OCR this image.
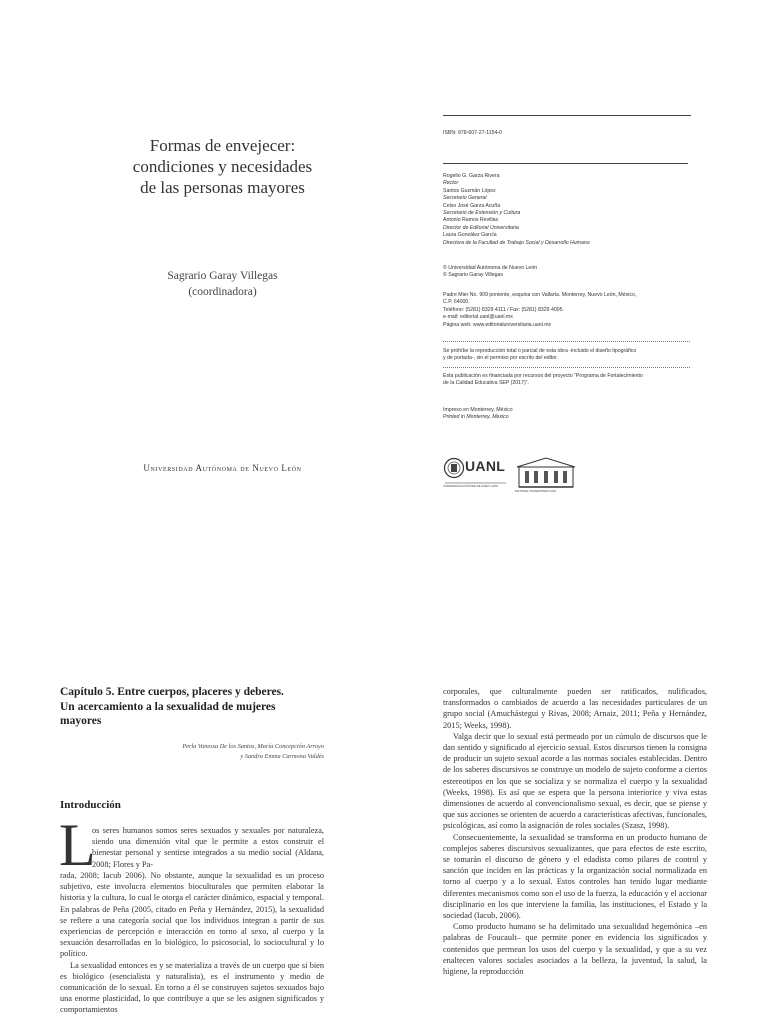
Formas de envejecer:
condiciones y necesidades
de las personas mayores
Sagrario Garay Villegas
(coordinadora)
Universidad Autónoma de Nuevo León
ISBN: 978-607-27-1154-0
Rogelio G. Garza Rivera
Rector
Santos Guzmán López
Secretario General
Celso José Garza Acuña
Secretario de Extensión y Cultura
Antonio Ramos Revillas
Director de Editorial Universitaria
Laura González García
Directora de la Facultad de Trabajo Social y Desarrollo Humano
© Universidad Autónoma de Nuevo León
© Sagrario Garay Villegas
Padre Mier No. 909 poniente, esquina con Vallarta. Monterrey, Nuevo León, México,
C.P. 64000.
Teléfono: (5281) 8329 4111 / Fax: (5281) 8329 4095.
e-mail: editorial.uanl@uanl.mx
Página web: www.editorialuniversitaria.uanl.mx
Se prohíbe la reproducción total o parcial de esta obra -incluido el diseño tipográfico
y de portada-, sin el permiso por escrito del editor.
Esta publicación es financiada por recursos del proyecto “Programa de Fortalecimiento
de la Calidad Educativa SEP (2017)”.
Impreso en Monterrey, México
Printed in Monterrey, Mexico
UANL
UNIVERSIDAD AUTÓNOMA DE NUEVO LEÓN
EDITORIAL UNIVERSITARIA UANL
Capítulo 5. Entre cuerpos, placeres y deberes.
Un acercamiento a la sexualidad de mujeres
mayores
Perla Vanessa De los Santos, María Concepción Arroyo
y Sandra Emma Carmona Valdés
Introducción
L

os seres humanos somos seres sexuados y sexuales por naturaleza, siendo una dimensión vital que le permite a estos construir el bienestar personal y sentirse integrados a su medio social (Aldana, 2008; Flores y Pa-

rada, 2008; Iacub 2006). No obstante, aunque la sexualidad es un proceso subjetivo, este involucra elementos bioculturales que permiten elaborar la historia y la cultura, lo cual le otorga el carácter dinámico, espacial y temporal. En palabras de Peña (2005, citado en Peña y Hernández, 2015), la sexualidad se refiere a una categoría social que los individuos integran a partir de sus experiencias de percepción e interacción en torno al sexo, al cuerpo y la sexuación desarrolladas en lo biológico, lo psicosocial, lo sociocultural y lo político.

La sexualidad entonces es y se materializa a través de un cuerpo que si bien es biológico (esencialista y naturalista), es el instrumento y medio de comunicación de lo sexual. En torno a él se construyen sujetos sexuados bajo una enorme plasticidad, lo que contribuye a que se les asignen significados y comportamientos

corporales, que culturalmente pueden ser ratificados, nulificados, transformados o cambiados de acuerdo a las necesidades particulares de un grupo social (Amuchástegui y Rivas, 2008; Arnaiz, 2011; Peña y Hernández, 2015; Weeks, 1998).

Valga decir que lo sexual está permeado por un cúmulo de discursos que le dan sentido y significado al ejercicio sexual. Estos discursos tienen la consigna de producir un sujeto sexual acorde a las normas sociales establecidas. Dentro de los saberes discursivos se construye un modelo de sujeto conforme a ciertos estereotipos en los que se socializa y se normaliza el cuerpo y la sexualidad (Weeks, 1998). Es así que se espera que la persona interiorice y viva estas dimensiones de acuerdo al convencionalismo sexual, es decir, que se piense y que sus acciones se orienten de acuerdo a características afectivas, funcionales, psicológicas, así como la asignación de roles sociales (Szasz, 1998).

Consecuentemente, la sexualidad se transforma en un producto humano de complejos saberes discursivos sexualizantes, que para efectos de este escrito, se tomarán el discurso de género y el edadista como pilares de control y sanción que inciden en las prácticas y la organización social normalizada en torno al cuerpo y a lo sexual. Estos controles han tenido lugar mediante diferentes mecanismos como son el uso de la fuerza, la educación y el accionar disciplinario en los que interviene la familia, las instituciones, el Estado y la sociedad (Iacub, 2006).

Como producto humano se ha delimitado una sexualidad hegemónica –en palabras de Foucault– que permite poner en evidencia los significados y contenidos que permean los usos del cuerpo y la sexualidad, y que a su vez enaltecen valores sociales asociados a la belleza, la juventud, la salud, la higiene, la reproducción
